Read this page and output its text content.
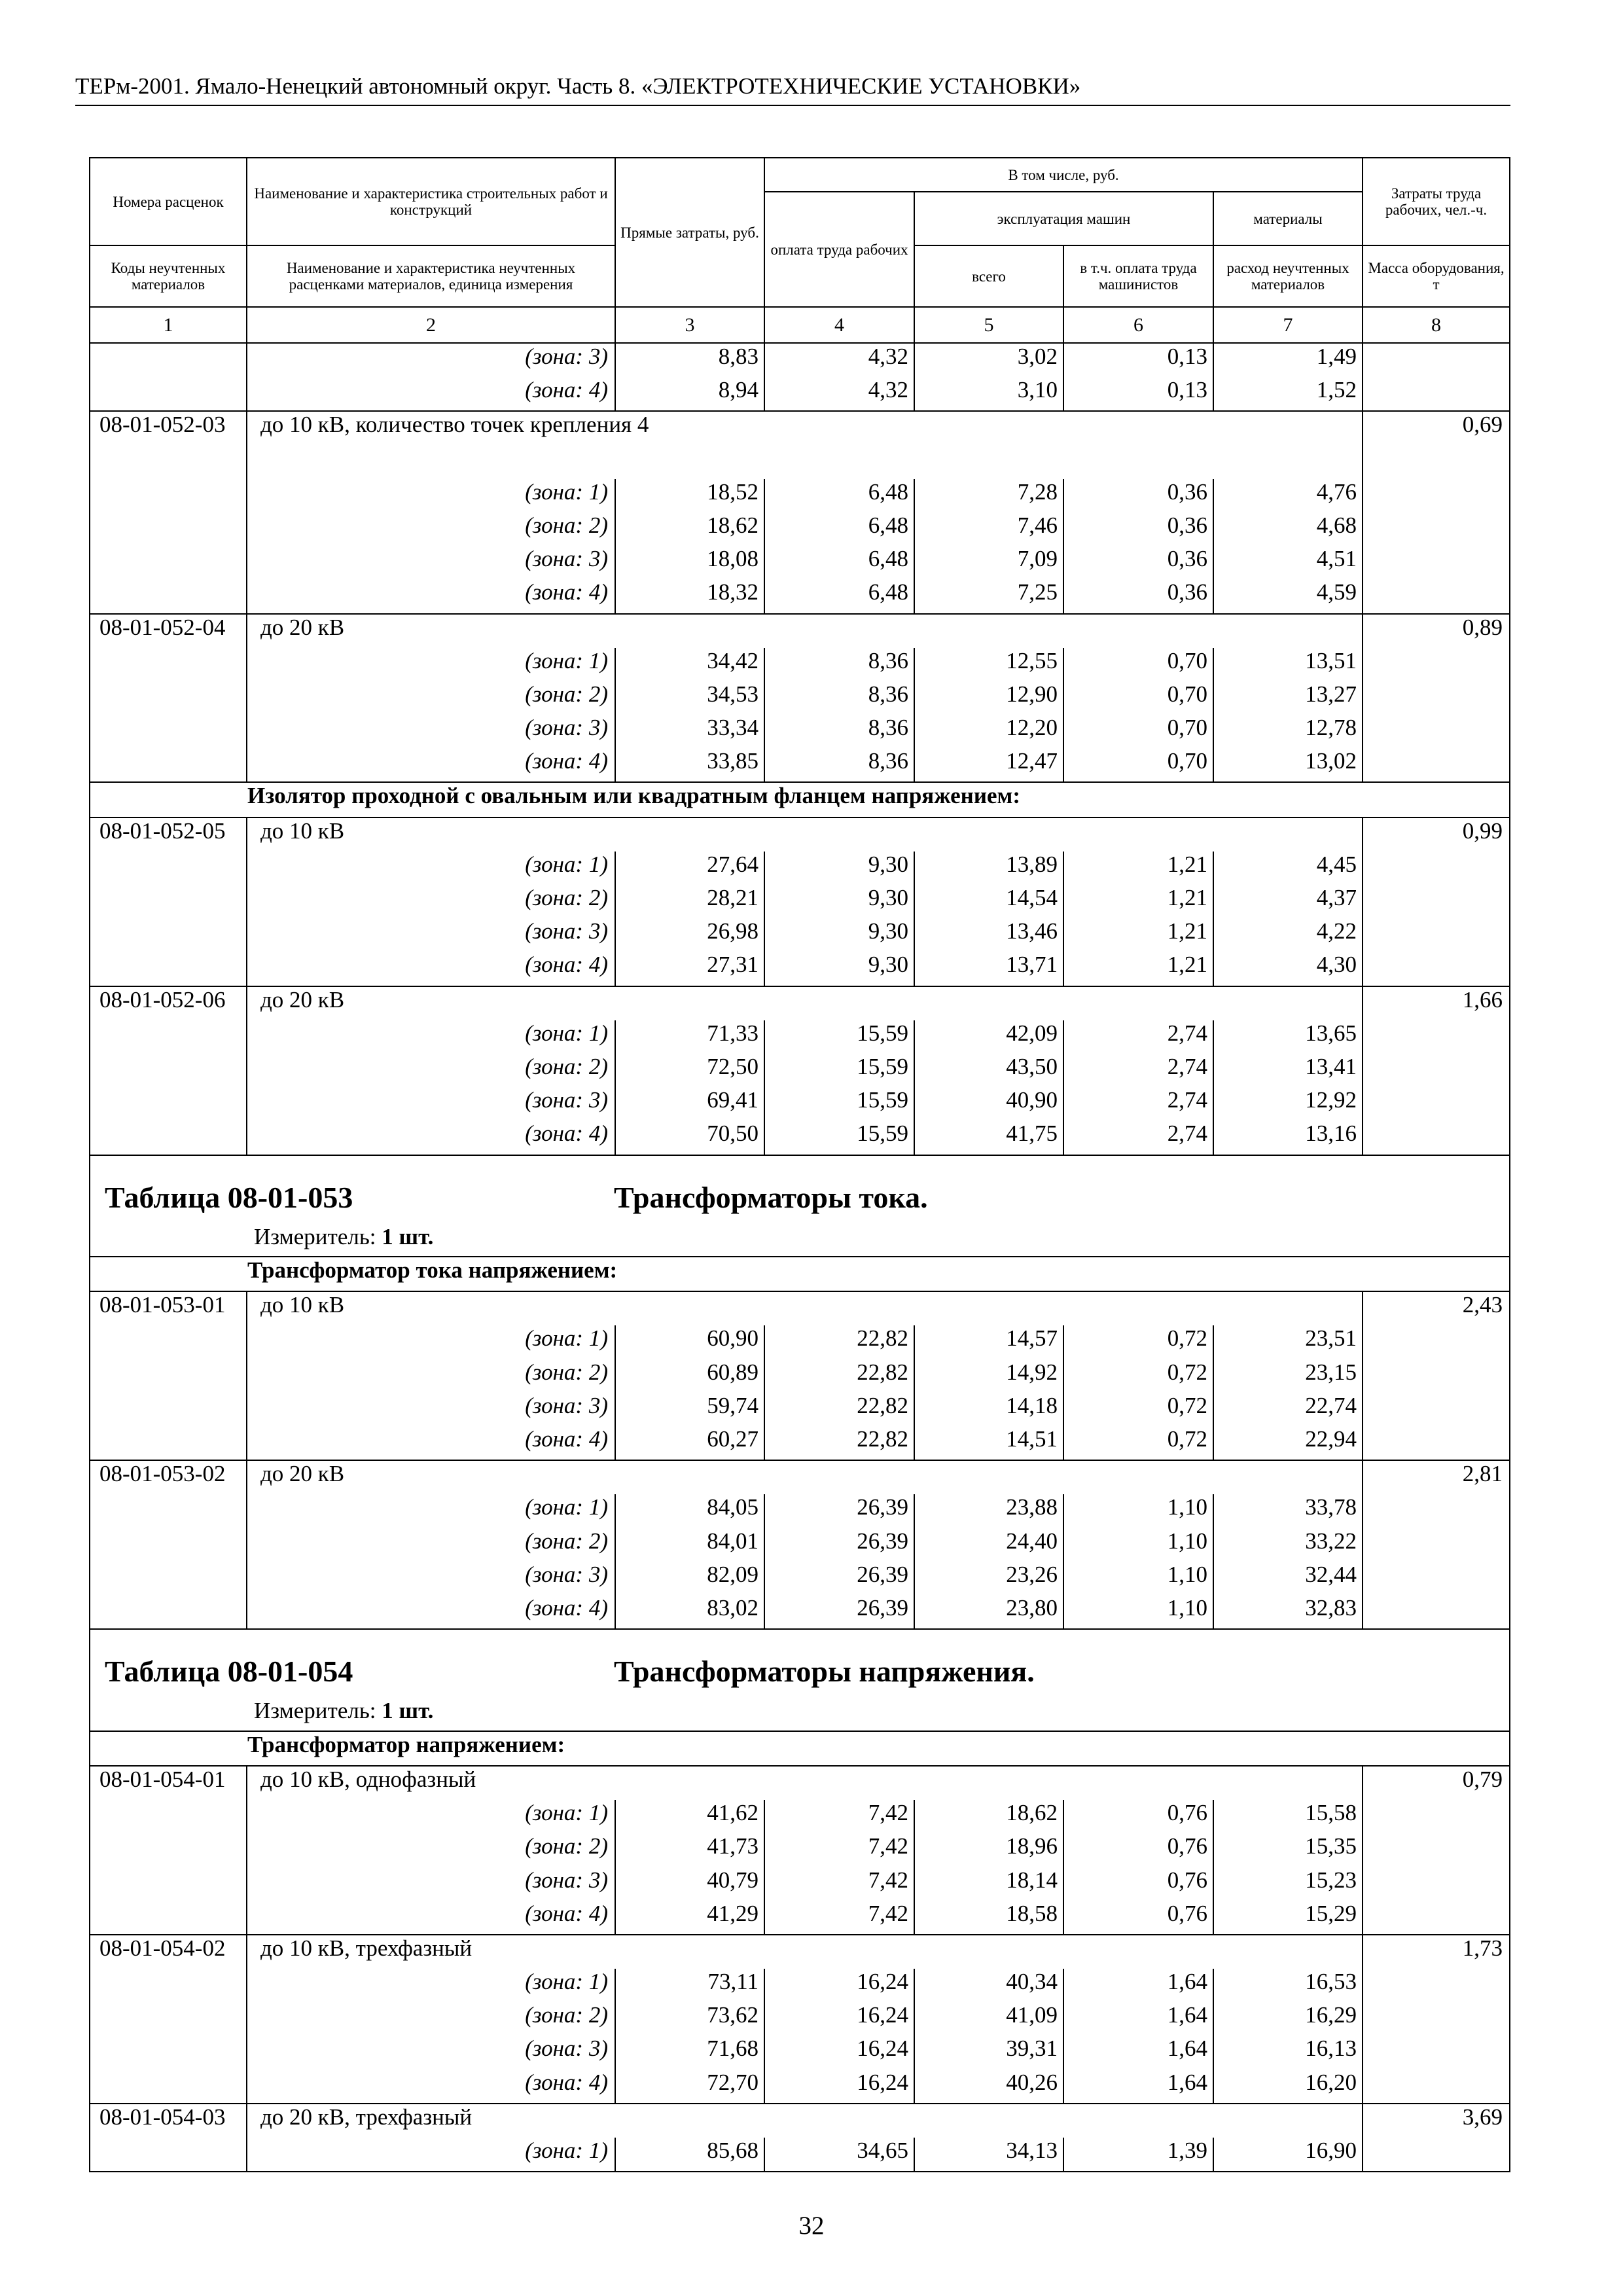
ТЕРм-2001. Ямало-Ненецкий автономный округ. Часть 8. «ЭЛЕКТРОТЕХНИЧЕСКИЕ УСТАНОВКИ»
Номера расценок	Наименование и характеристика строительных работ и конструкций	Прямые затраты, руб.	В том числе, руб.				Затраты труда рабочих, чел.-ч.
			оплата труда рабочих	эксплуатация машин		материалы	
Коды неучтенных материалов	Наименование и характеристика неучтенных расценками материалов, единица измерения			всего	в т.ч. оплата труда машинистов	расход неучтенных материалов	Масса оборудования, т
1	2	3	4	5	6	7	8
	(зона: 3)	8,83	4,32	3,02	0,13	1,49	
	(зона: 4)	8,94	4,32	3,10	0,13	1,52	
08-01-052-03	до 10 кВ, количество точек крепления 4						0,69
	(зона: 1)	18,52	6,48	7,28	0,36	4,76	
	(зона: 2)	18,62	6,48	7,46	0,36	4,68	
	(зона: 3)	18,08	6,48	7,09	0,36	4,51	
	(зона: 4)	18,32	6,48	7,25	0,36	4,59	
08-01-052-04	до 20 кВ						0,89
	(зона: 1)	34,42	8,36	12,55	0,70	13,51	
	(зона: 2)	34,53	8,36	12,90	0,70	13,27	
	(зона: 3)	33,34	8,36	12,20	0,70	12,78	
	(зона: 4)	33,85	8,36	12,47	0,70	13,02	
Изолятор проходной с овальным или квадратным фланцем напряжением:							
08-01-052-05	до 10 кВ						0,99
	(зона: 1)	27,64	9,30	13,89	1,21	4,45	
	(зона: 2)	28,21	9,30	14,54	1,21	4,37	
	(зона: 3)	26,98	9,30	13,46	1,21	4,22	
	(зона: 4)	27,31	9,30	13,71	1,21	4,30	
08-01-052-06	до 20 кВ						1,66
	(зона: 1)	71,33	15,59	42,09	2,74	13,65	
	(зона: 2)	72,50	15,59	43,50	2,74	13,41	
	(зона: 3)	69,41	15,59	40,90	2,74	12,92	
	(зона: 4)	70,50	15,59	41,75	2,74	13,16	

Таблица 08-01-053 Трансформаторы тока.
Измеритель: 1 шт.							

Трансформатор тока напряжением:							
08-01-053-01	до 10 кВ						2,43
	(зона: 1)	60,90	22,82	14,57	0,72	23,51	
	(зона: 2)	60,89	22,82	14,92	0,72	23,15	
	(зона: 3)	59,74	22,82	14,18	0,72	22,74	
	(зона: 4)	60,27	22,82	14,51	0,72	22,94	
08-01-053-02	до 20 кВ						2,81
	(зона: 1)	84,05	26,39	23,88	1,10	33,78	
	(зона: 2)	84,01	26,39	24,40	1,10	33,22	
	(зона: 3)	82,09	26,39	23,26	1,10	32,44	
	(зона: 4)	83,02	26,39	23,80	1,10	32,83	

Таблица 08-01-054 Трансформаторы напряжения.
Измеритель: 1 шт.							

Трансформатор напряжением:							
08-01-054-01	до 10 кВ, однофазный						0,79
	(зона: 1)	41,62	7,42	18,62	0,76	15,58	
	(зона: 2)	41,73	7,42	18,96	0,76	15,35	
	(зона: 3)	40,79	7,42	18,14	0,76	15,23	
	(зона: 4)	41,29	7,42	18,58	0,76	15,29	
08-01-054-02	до 10 кВ, трехфазный						1,73
	(зона: 1)	73,11	16,24	40,34	1,64	16,53	
	(зона: 2)	73,62	16,24	41,09	1,64	16,29	
	(зона: 3)	71,68	16,24	39,31	1,64	16,13	
	(зона: 4)	72,70	16,24	40,26	1,64	16,20	
08-01-054-03	до 20 кВ, трехфазный						3,69
	(зона: 1)	85,68	34,65	34,13	1,39	16,90	
32
